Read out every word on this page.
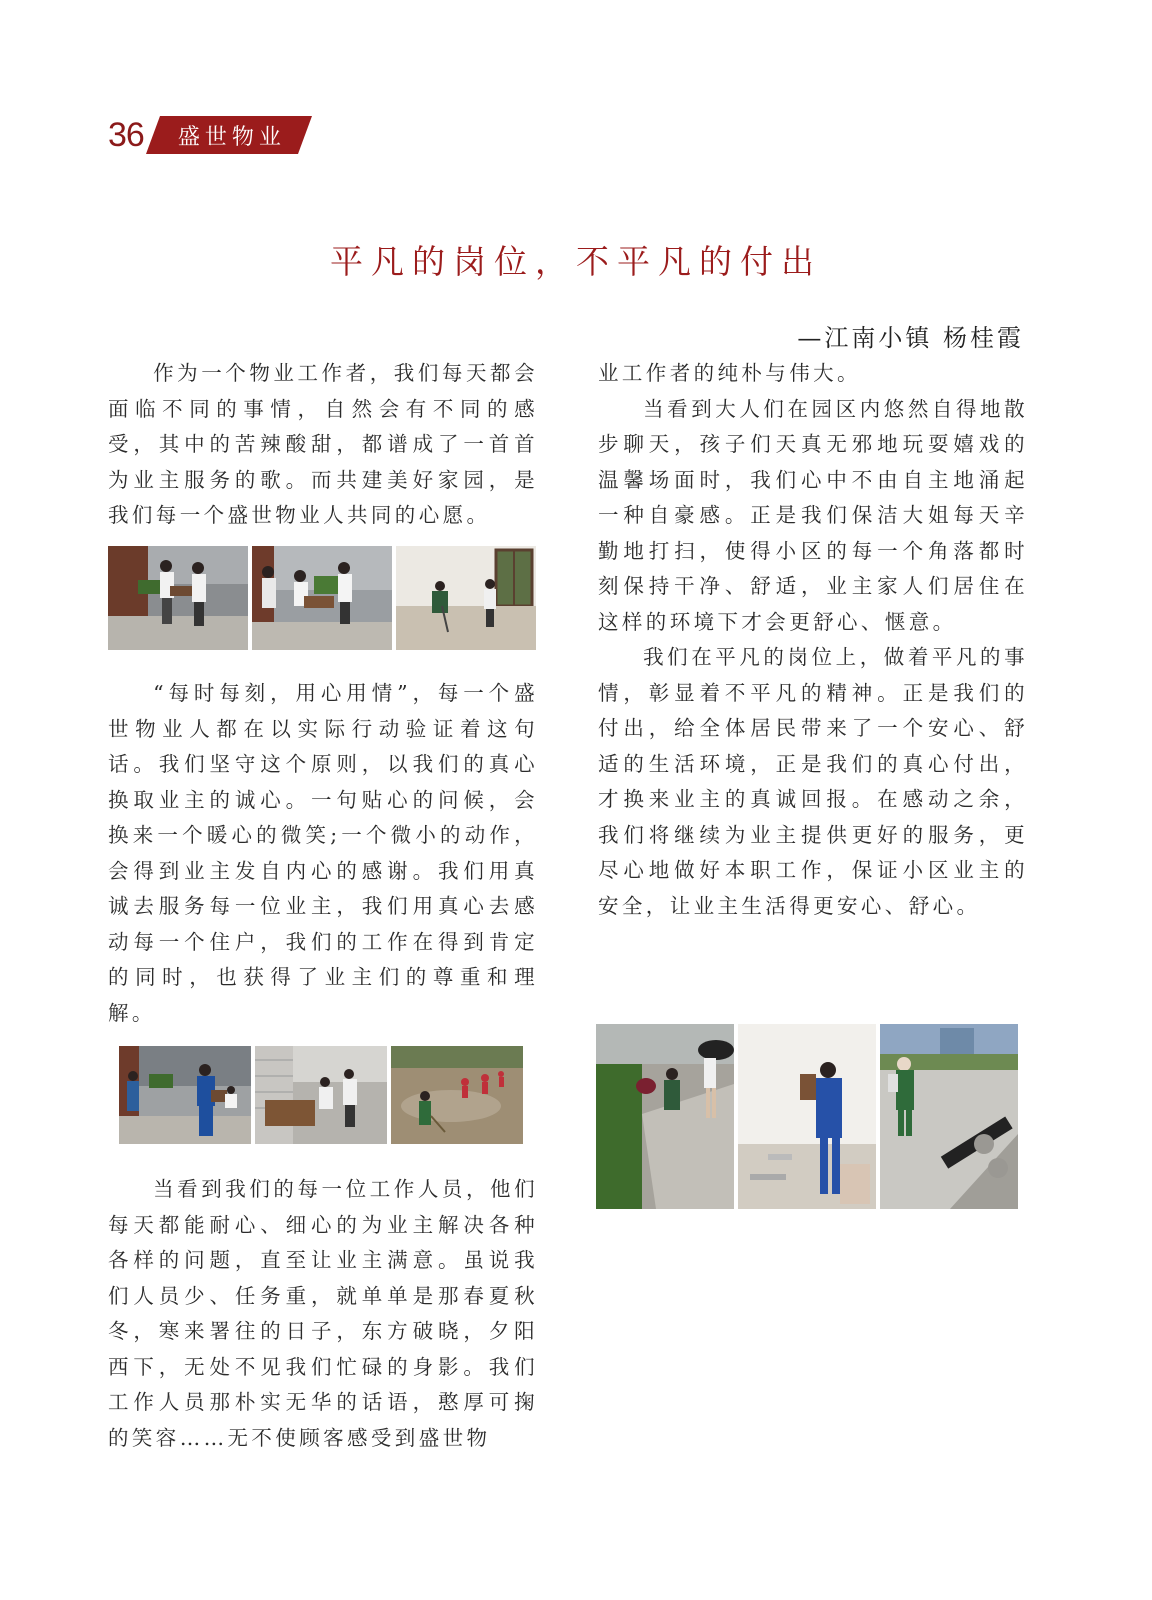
36 盛世物业
平凡的岗位，不平凡的付出
—江南小镇 杨桂霞

作为一个物业工作者，我们每天都会面临不同的事情，自然会有不同的感受，其中的苦辣酸甜，都谱成了一首首为业主服务的歌。而共建美好家园，是我们每一个盛世物业人共同的心愿。

“每时每刻，用心用情”，每一个盛世物业人都在以实际行动验证着这句话。我们坚守这个原则，以我们的真心换取业主的诚心。一句贴心的问候，会换来一个暖心的微笑;一个微小的动作，会得到业主发自内心的感谢。我们用真诚去服务每一位业主，我们用真心去感动每一个住户，我们的工作在得到肯定的同时，也获得了业主们的尊重和理解。

当看到我们的每一位工作人员，他们每天都能耐心、细心的为业主解决各种各样的问题，直至让业主满意。虽说我们人员少、任务重，就单单是那春夏秋冬，寒来署往的日子，东方破晓，夕阳西下，无处不见我们忙碌的身影。我们工作人员那朴实无华的话语，憨厚可掬的笑容……无不使顾客感受到盛世物

业工作者的纯朴与伟大。

当看到大人们在园区内悠然自得地散步聊天，孩子们天真无邪地玩耍嬉戏的温馨场面时，我们心中不由自主地涌起一种自豪感。正是我们保洁大姐每天辛勤地打扫，使得小区的每一个角落都时刻保持干净、舒适，业主家人们居住在这样的环境下才会更舒心、惬意。

我们在平凡的岗位上，做着平凡的事情，彰显着不平凡的精神。正是我们的付出，给全体居民带来了一个安心、舒适的生活环境，正是我们的真心付出，才换来业主的真诚回报。在感动之余，我们将继续为业主提供更好的服务，更尽心地做好本职工作，保证小区业主的安全，让业主生活得更安心、舒心。
